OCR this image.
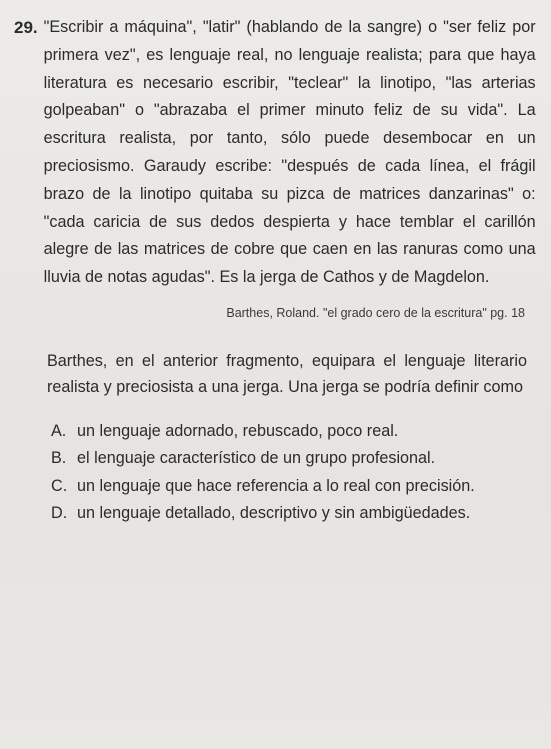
29. "Escribir a máquina", "latir" (hablando de la sangre) o "ser feliz por primera vez", es lenguaje real, no lenguaje realista; para que haya literatura es necesario escribir, "teclear" la linotipo, "las arterias golpeaban" o "abrazaba el primer minuto feliz de su vida". La escritura realista, por tanto, sólo puede desembocar en un preciosismo. Garaudy escribe: "después de cada línea, el frágil brazo de la linotipo quitaba su pizca de matrices danzarinas" o: "cada caricia de sus dedos despierta y hace temblar el carillón alegre de las matrices de cobre que caen en las ranuras como una lluvia de notas agudas". Es la jerga de Cathos y de Magdelon.

Barthes, Roland. "el grado cero de la escritura" pg. 18
Barthes, en el anterior fragmento, equipara el lenguaje literario realista y preciosista a una jerga. Una jerga se podría definir como
A. un lenguaje adornado, rebuscado, poco real.
B. el lenguaje característico de un grupo profesional.
C. un lenguaje que hace referencia a lo real con precisión.
D. un lenguaje detallado, descriptivo y sin ambigüedades.
